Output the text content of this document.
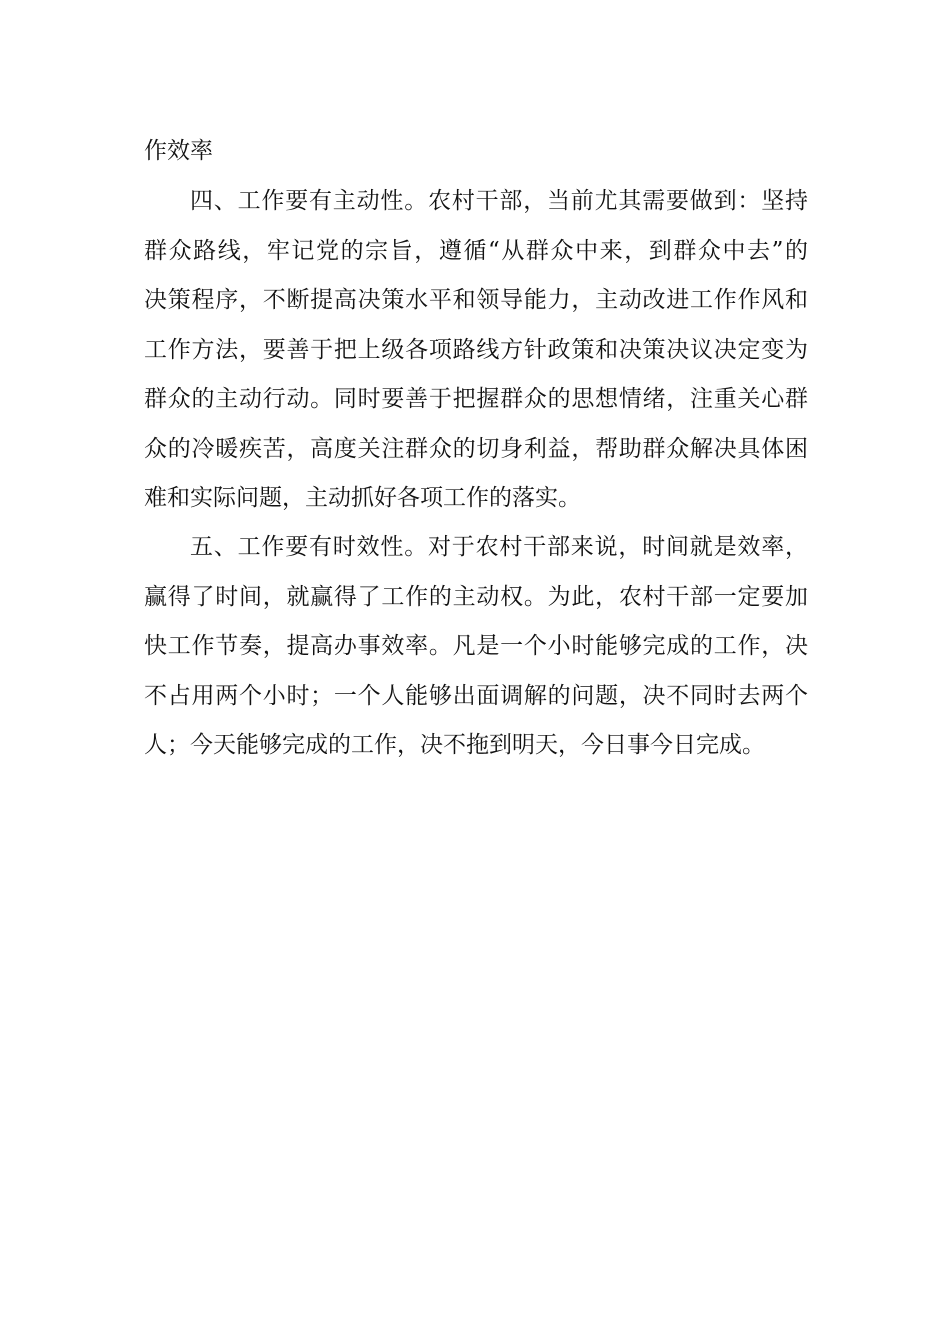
作效率
四、工作要有主动性。农村干部，当前尤其需要做到：坚持
群众路线，牢记党的宗旨，遵循“从群众中来，到群众中去”的
决策程序，不断提高决策水平和领导能力，主动改进工作作风和
工作方法，要善于把上级各项路线方针政策和决策决议决定变为
群众的主动行动。同时要善于把握群众的思想情绪，注重关心群
众的冷暖疾苦，高度关注群众的切身利益，帮助群众解决具体困
难和实际问题，主动抓好各项工作的落实。
五、工作要有时效性。对于农村干部来说，时间就是效率，
赢得了时间，就赢得了工作的主动权。为此，农村干部一定要加
快工作节奏，提高办事效率。凡是一个小时能够完成的工作，决
不占用两个小时；一个人能够出面调解的问题，决不同时去两个
人；今天能够完成的工作，决不拖到明天，今日事今日完成。
